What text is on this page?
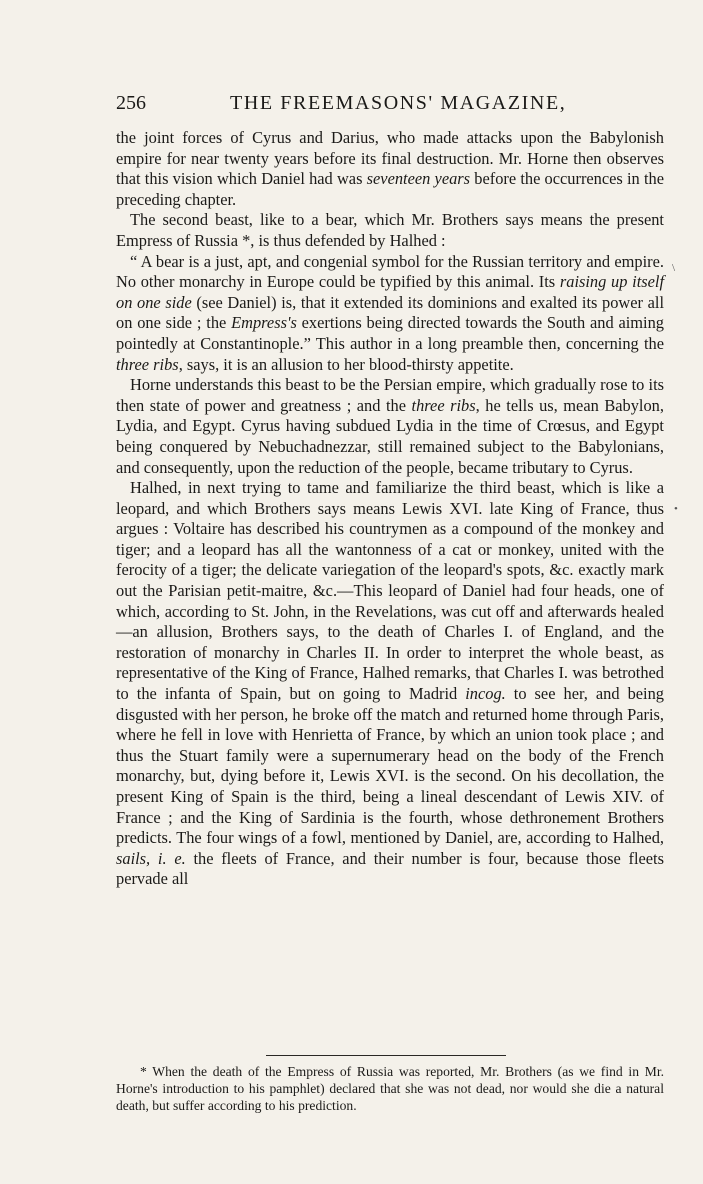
256	THE FREEMASONS' MAGAZINE,

the joint forces of Cyrus and Darius, who made attacks upon the Babylonish empire for near twenty years before its final destruction. Mr. Horne then observes that this vision which Daniel had was seventeen years before the occurrences in the preceding chapter.

The second beast, like to a bear, which Mr. Brothers says means the present Empress of Russia *, is thus defended by Halhed :

“ A bear is a just, apt, and congenial symbol for the Russian territory and empire. No other monarchy in Europe could be typified by this animal. Its raising up itself on one side (see Daniel) is, that it extended its dominions and exalted its power all on one side ; the Empress's exertions being directed towards the South and aiming pointedly at Constantinople.” This author in a long preamble then, concerning the three ribs, says, it is an allusion to her blood-thirsty appetite.

Horne understands this beast to be the Persian empire, which gradually rose to its then state of power and greatness ; and the three ribs, he tells us, mean Babylon, Lydia, and Egypt. Cyrus having subdued Lydia in the time of Crœsus, and Egypt being conquered by Nebuchadnezzar, still remained subject to the Babylonians, and consequently, upon the reduction of the people, became tributary to Cyrus.

Halhed, in next trying to tame and familiarize the third beast, which is like a leopard, and which Brothers says means Lewis XVI. late King of France, thus argues : Voltaire has described his countrymen as a compound of the monkey and tiger; and a leopard has all the wantonness of a cat or monkey, united with the ferocity of a tiger; the delicate variegation of the leopard's spots, &c. exactly mark out the Parisian petit-maitre, &c.—This leopard of Daniel had four heads, one of which, according to St. John, in the Revelations, was cut off and afterwards healed—an allusion, Brothers says, to the death of Charles I. of England, and the restoration of monarchy in Charles II. In order to interpret the whole beast, as representative of the King of France, Halhed remarks, that Charles I. was betrothed to the infanta of Spain, but on going to Madrid incog. to see her, and being disgusted with her person, he broke off the match and returned home through Paris, where he fell in love with Henrietta of France, by which an union took place ; and thus the Stuart family were a supernumerary head on the body of the French monarchy, but, dying before it, Lewis XVI. is the second. On his decollation, the present King of Spain is the third, being a lineal descendant of Lewis XIV. of France ; and the King of Sardinia is the fourth, whose dethronement Brothers predicts. The four wings of a fowl, mentioned by Daniel, are, according to Halhed, sails, i. e. the fleets of France, and their number is four, because those fleets pervade all

* When the death of the Empress of Russia was reported, Mr. Brothers (as we find in Mr. Horne's introduction to his pamphlet) declared that she was not dead, nor would she die a natural death, but suffer according to his prediction.

\
•
